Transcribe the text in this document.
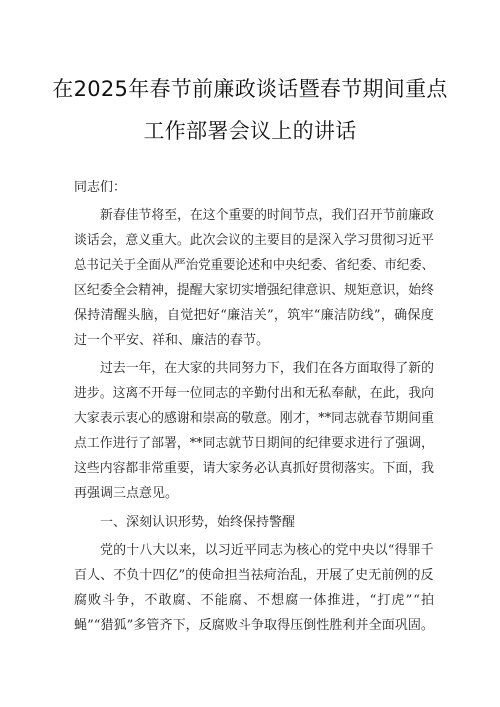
在2025年春节前廉政谈话暨春节期间重点
工作部署会议上的讲话
同志们：
新春佳节将至，在这个重要的时间节点，我们召开节前廉政
谈话会，意义重大。此次会议的主要目的是深入学习贯彻习近平
总书记关于全面从严治党重要论述和中央纪委、省纪委、市纪委、
区纪委全会精神，提醒大家切实增强纪律意识、规矩意识，始终
保持清醒头脑，自觉把好“廉洁关”，筑牢“廉洁防线”，确保度
过一个平安、祥和、廉洁的春节。
过去一年，在大家的共同努力下，我们在各方面取得了新的
进步。这离不开每一位同志的辛勤付出和无私奉献，在此，我向
大家表示衷心的感谢和崇高的敬意。刚才，**同志就春节期间重
点工作进行了部署，**同志就节日期间的纪律要求进行了强调，
这些内容都非常重要，请大家务必认真抓好贯彻落实。下面，我
再强调三点意见。
一、深刻认识形势，始终保持警醒
党的十八大以来，以习近平同志为核心的党中央以“得罪千
百人、不负十四亿”的使命担当祛疴治乱，开展了史无前例的反
腐败斗争，不敢腐、不能腐、不想腐一体推进，“打虎”“拍
蝇”“猎狐”多管齐下，反腐败斗争取得压倒性胜利并全面巩固。
